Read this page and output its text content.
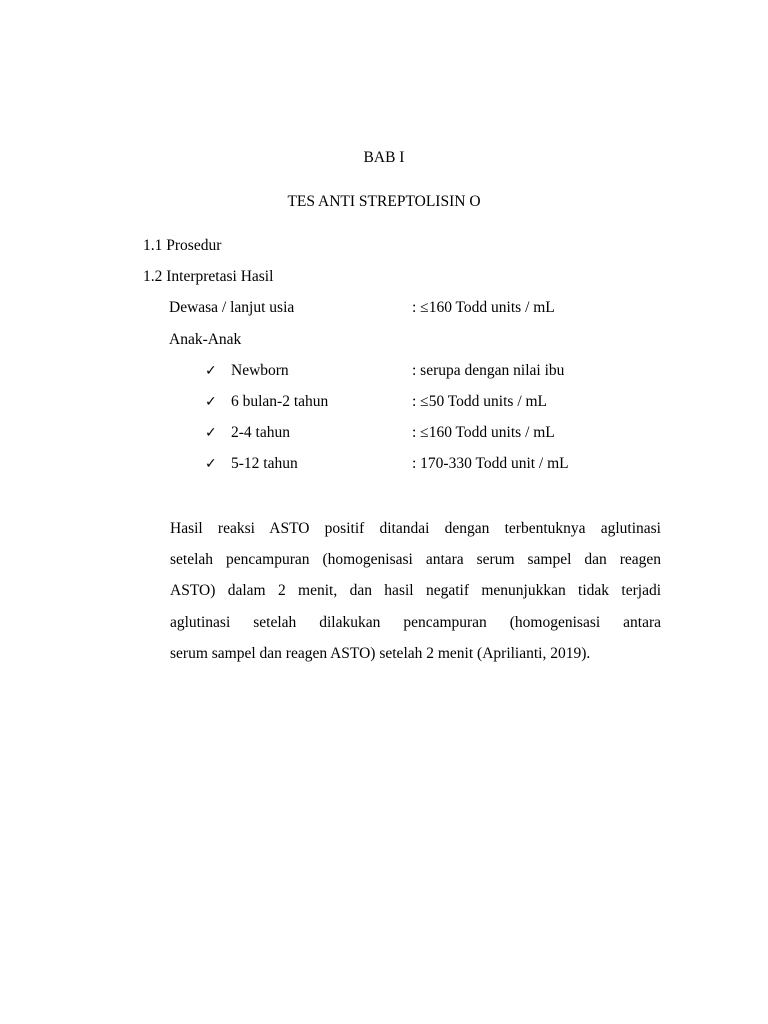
BAB I
TES ANTI STREPTOLISIN O
1.1 Prosedur
1.2 Interpretasi Hasil
Dewasa / lanjut usia	: ≤160 Todd units / mL
Anak-Anak
✓ Newborn	: serupa dengan nilai ibu
✓ 6 bulan-2 tahun	: ≤50 Todd units / mL
✓ 2-4 tahun	: ≤160 Todd units / mL
✓ 5-12 tahun	: 170-330 Todd unit / mL
Hasil reaksi ASTO positif ditandai dengan terbentuknya aglutinasi
setelah pencampuran (homogenisasi antara serum sampel dan reagen
ASTO) dalam 2 menit, dan hasil negatif menunjukkan tidak terjadi
aglutinasi setelah dilakukan pencampuran (homogenisasi antara
serum sampel dan reagen ASTO) setelah 2 menit (Aprilianti, 2019).
